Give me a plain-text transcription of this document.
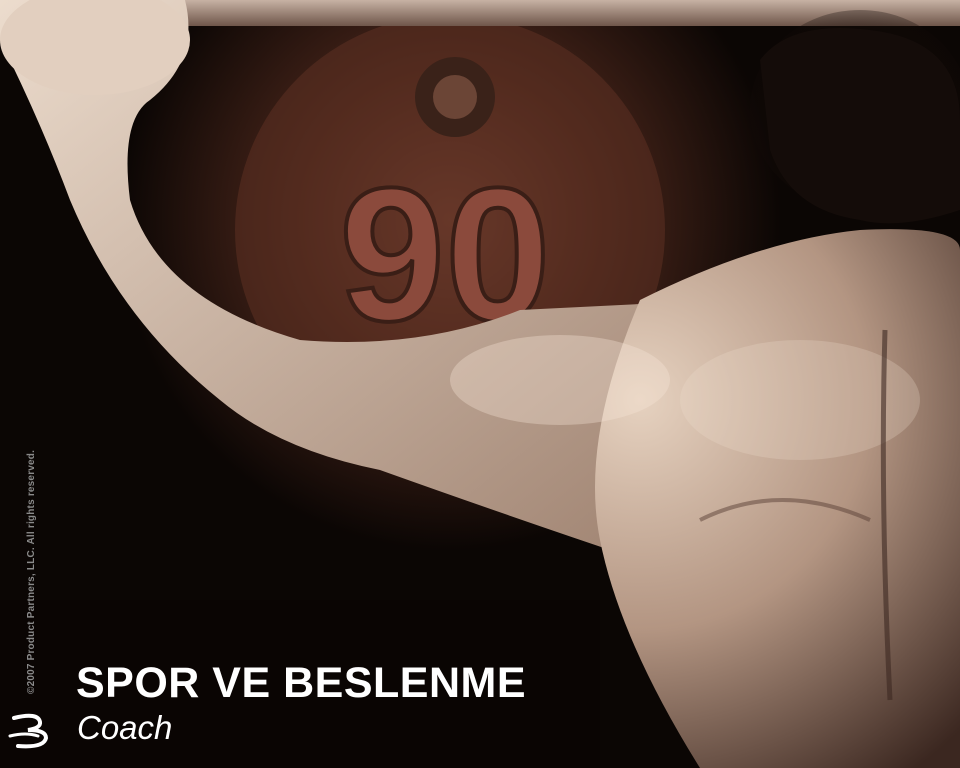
90
©2007 Product Partners, LLC. All rights reserved. SPOR VE BESLENME
Coach
